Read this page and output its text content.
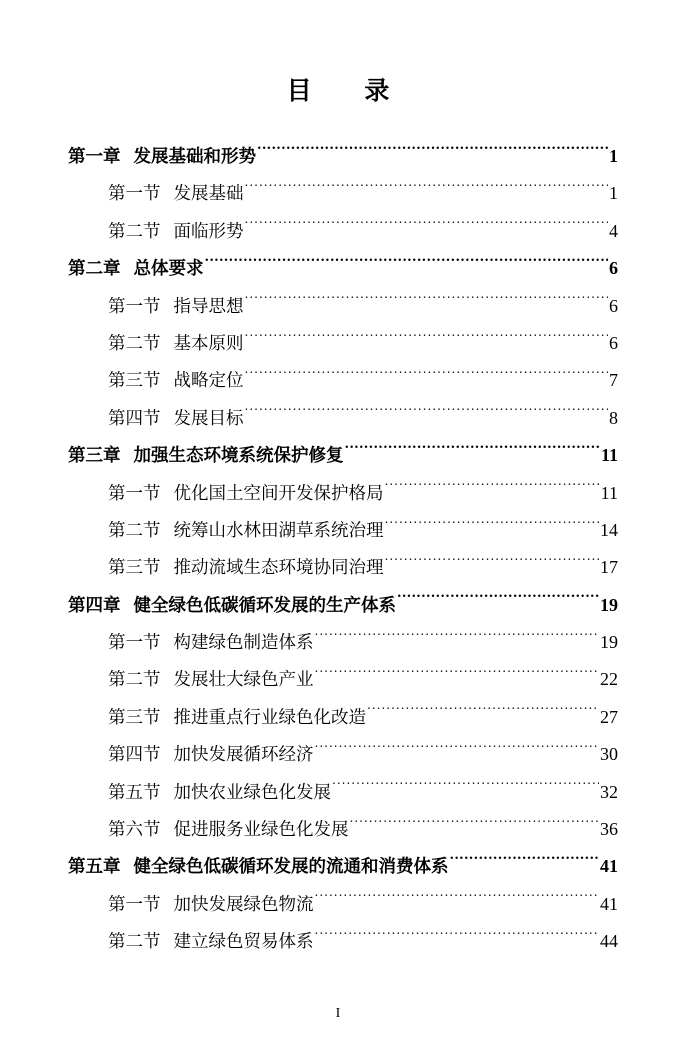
目 录
第一章 发展基础和形势 .....	1
第一节 发展基础 .....	1
第二节 面临形势 .....	4
第二章 总体要求 .....	6
第一节 指导思想 .....	6
第二节 基本原则 .....	6
第三节 战略定位 .....	7
第四节 发展目标 .....	8
第三章 加强生态环境系统保护修复 .....	11
第一节 优化国土空间开发保护格局 .....	11
第二节 统筹山水林田湖草系统治理 .....	14
第三节 推动流域生态环境协同治理 .....	17
第四章 健全绿色低碳循环发展的生产体系 .....	19
第一节 构建绿色制造体系 .....	19
第二节 发展壮大绿色产业 .....	22
第三节 推进重点行业绿色化改造 .....	27
第四节 加快发展循环经济 .....	30
第五节 加快农业绿色化发展 .....	32
第六节 促进服务业绿色化发展 .....	36
第五章 健全绿色低碳循环发展的流通和消费体系 .....	41
第一节 加快发展绿色物流 .....	41
第二节 建立绿色贸易体系 .....	44
I
